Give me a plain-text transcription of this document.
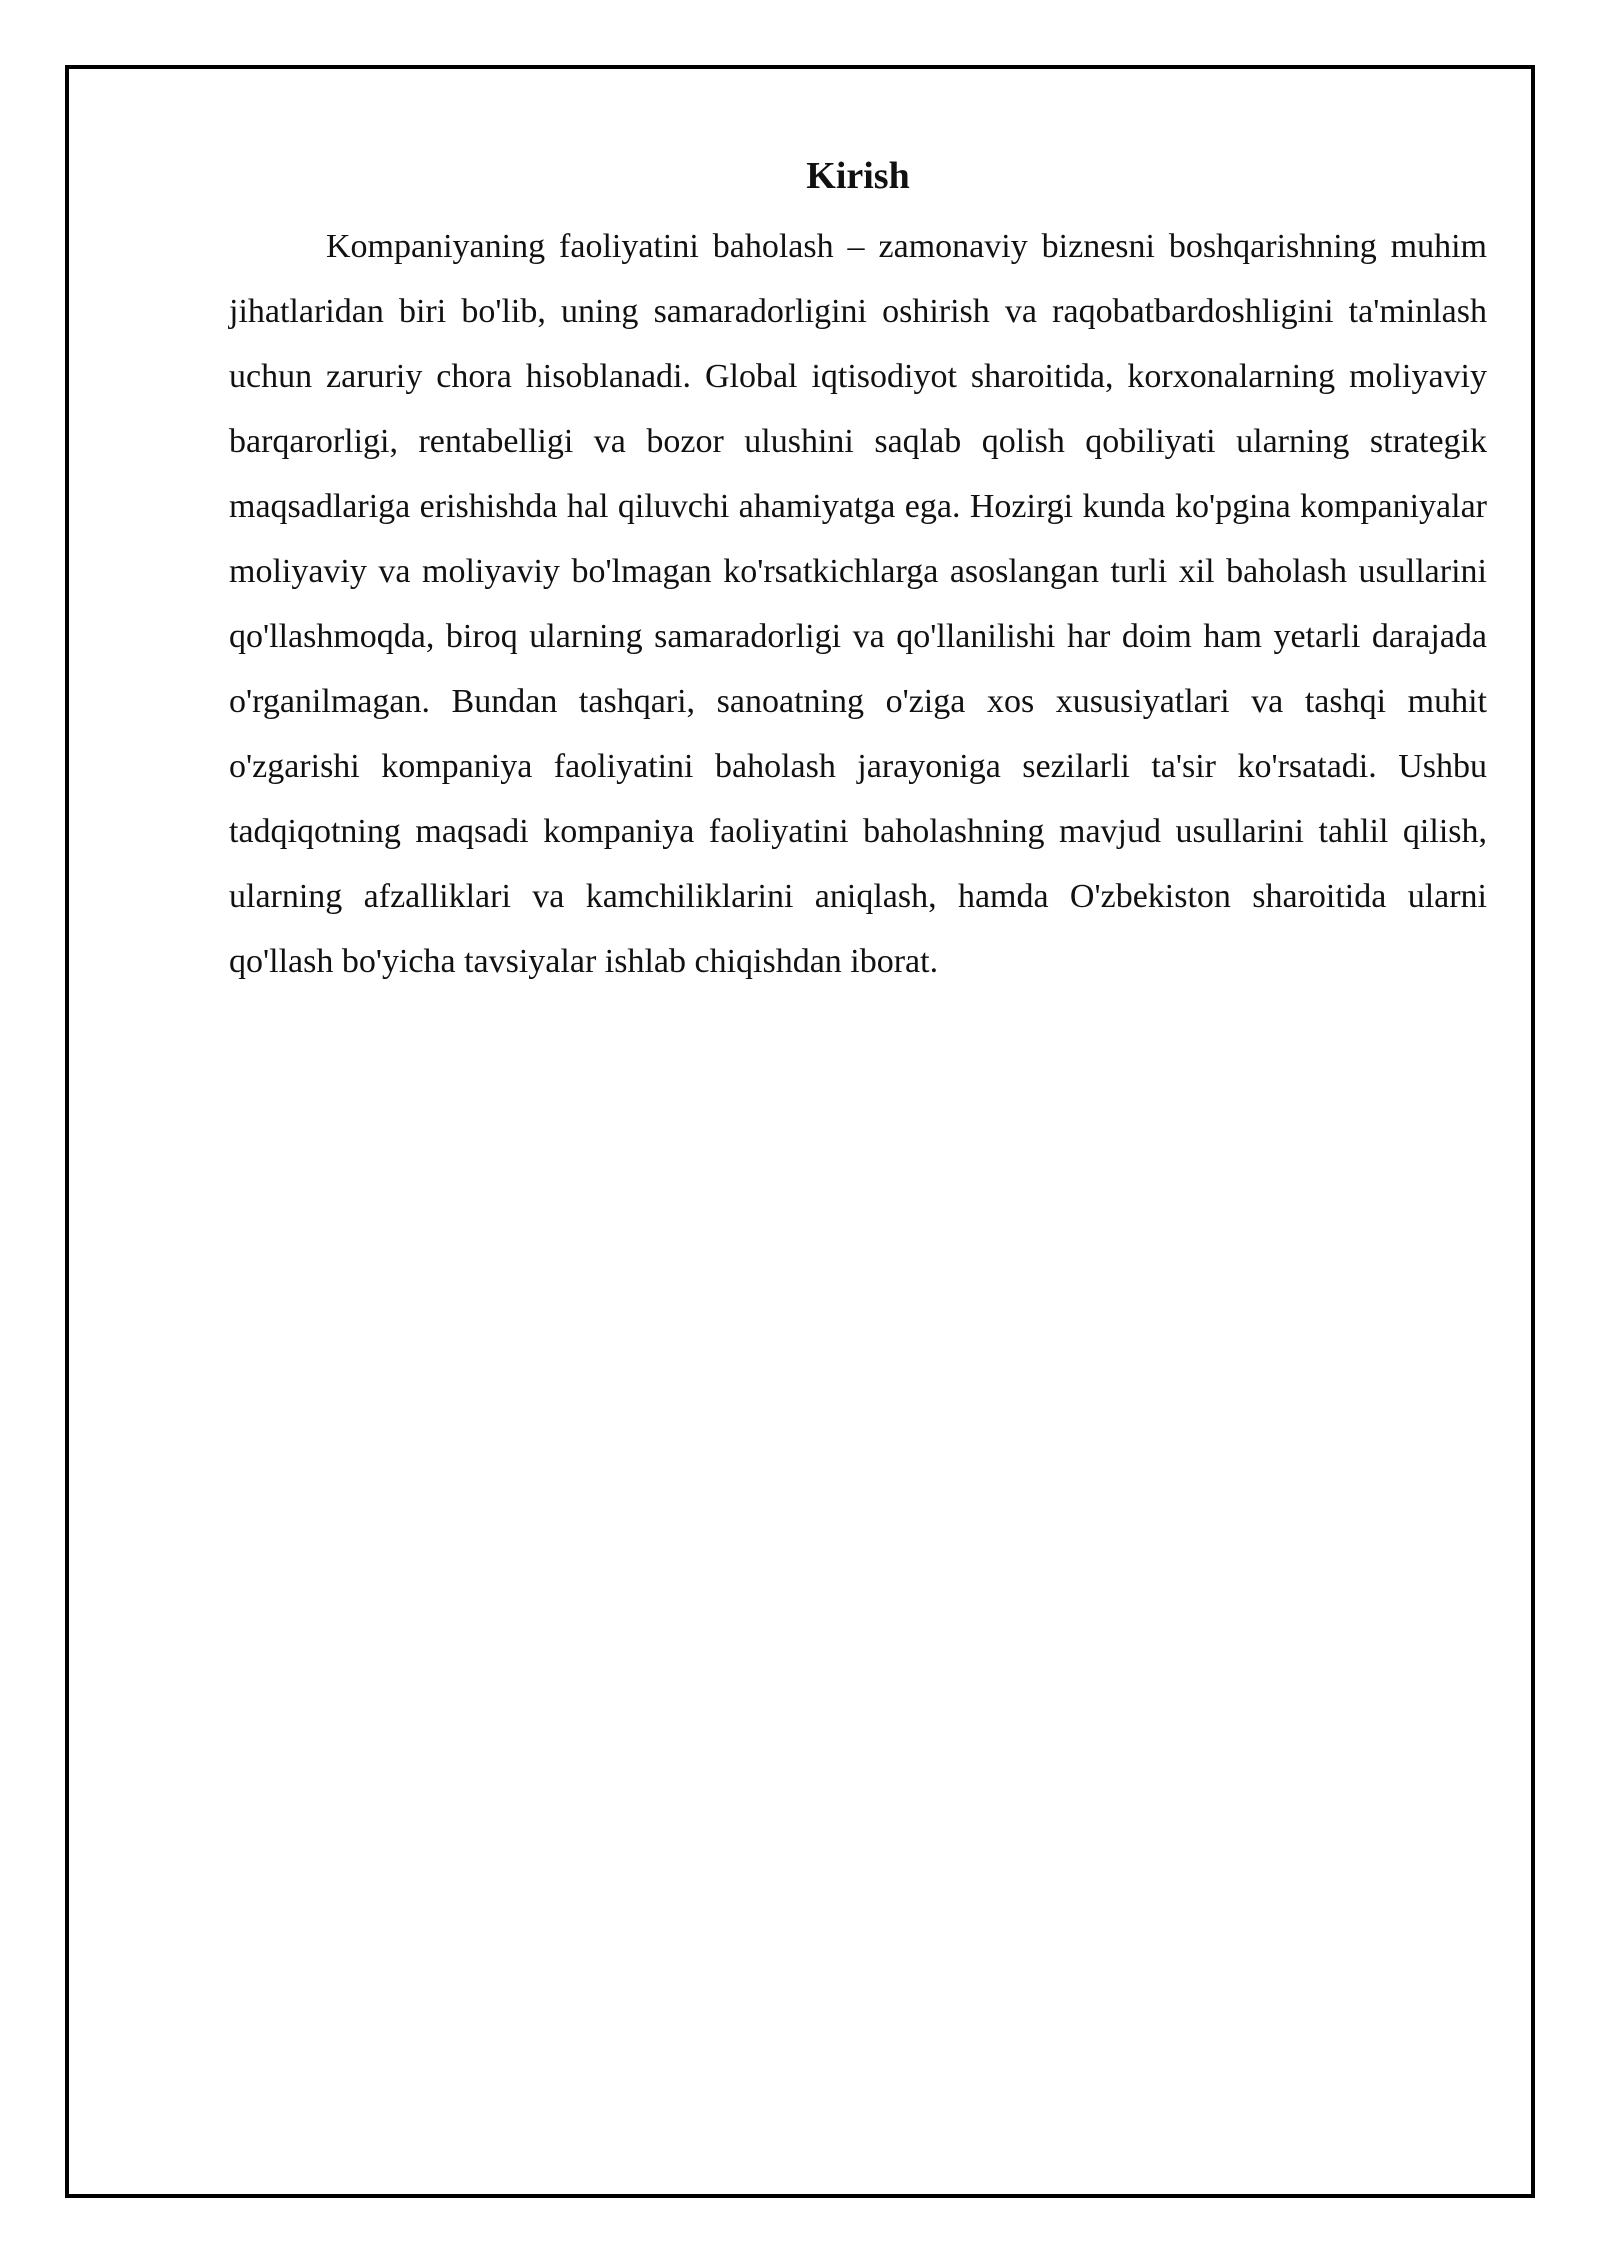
Kirish

Kompaniyaning faoliyatini baholash – zamonaviy biznesni boshqarishning muhim jihatlaridan biri bo'lib, uning samaradorligini oshirish va raqobatbardoshligini ta'minlash uchun zaruriy chora hisoblanadi. Global iqtisodiyot sharoitida, korxonalarning moliyaviy barqarorligi, rentabelligi va bozor ulushini saqlab qolish qobiliyati ularning strategik maqsadlariga erishishda hal qiluvchi ahamiyatga ega. Hozirgi kunda ko'pgina kompaniyalar moliyaviy va moliyaviy bo'lmagan ko'rsatkichlarga asoslangan turli xil baholash usullarini qo'llashmoqda, biroq ularning samaradorligi va qo'llanilishi har doim ham yetarli darajada o'rganilmagan. Bundan tashqari, sanoatning o'ziga xos xususiyatlari va tashqi muhit o'zgarishi kompaniya faoliyatini baholash jarayoniga sezilarli ta'sir ko'rsatadi. Ushbu tadqiqotning maqsadi kompaniya faoliyatini baholashning mavjud usullarini tahlil qilish, ularning afzalliklari va kamchiliklarini aniqlash, hamda O'zbekiston sharoitida ularni qo'llash bo'yicha tavsiyalar ishlab chiqishdan iborat.
